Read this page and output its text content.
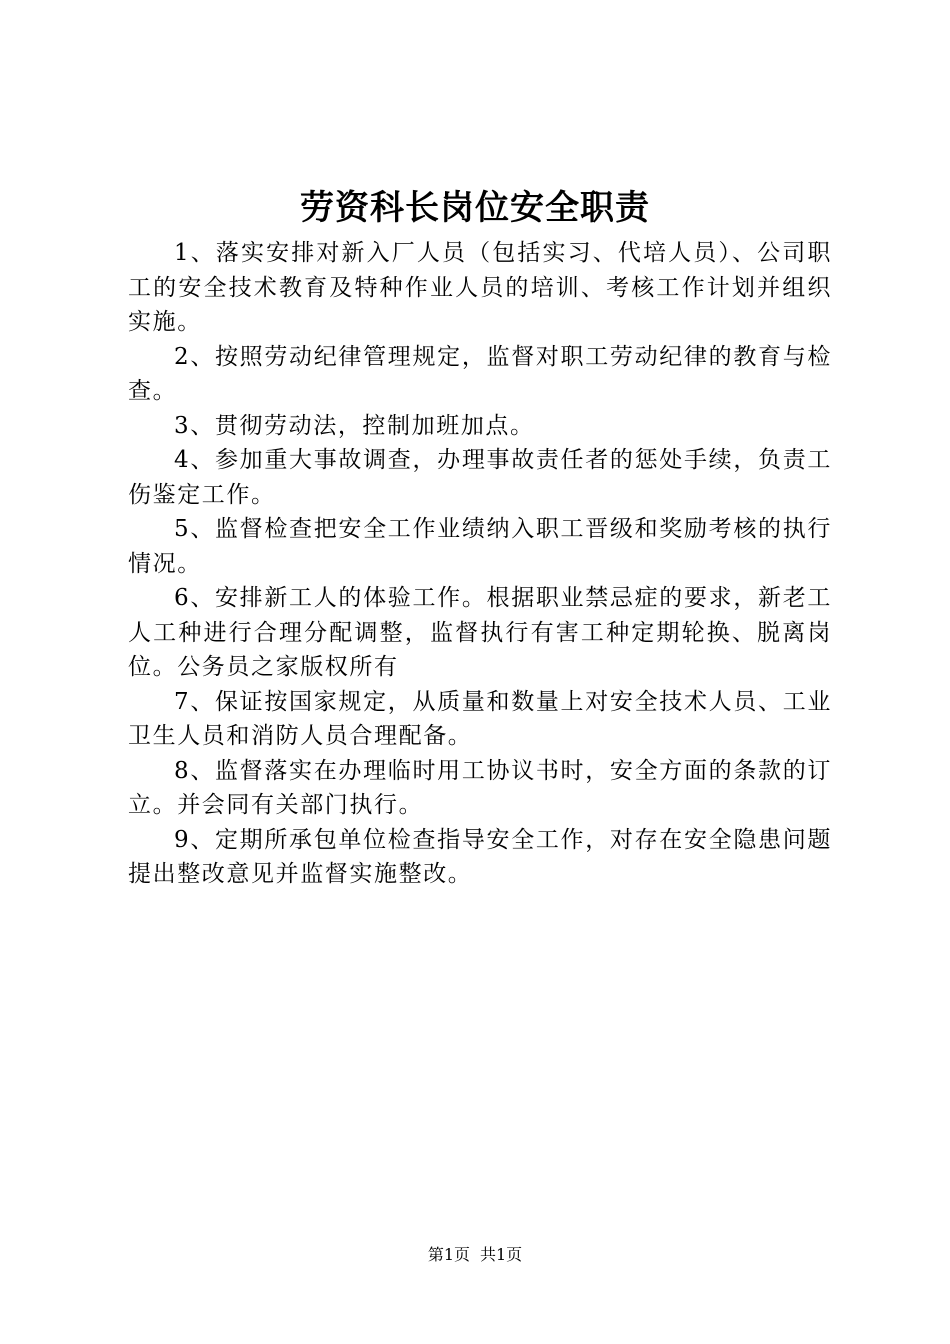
劳资科长岗位安全职责

1、落实安排对新入厂人员（包括实习、代培人员）、公司职工的安全技术教育及特种作业人员的培训、考核工作计划并组织实施。

2、按照劳动纪律管理规定，监督对职工劳动纪律的教育与检查。

3、贯彻劳动法，控制加班加点。

4、参加重大事故调查，办理事故责任者的惩处手续，负责工伤鉴定工作。

5、监督检查把安全工作业绩纳入职工晋级和奖励考核的执行情况。

6、安排新工人的体验工作。根据职业禁忌症的要求，新老工人工种进行合理分配调整，监督执行有害工种定期轮换、脱离岗位。公务员之家版权所有

7、保证按国家规定，从质量和数量上对安全技术人员、工业卫生人员和消防人员合理配备。

8、监督落实在办理临时用工协议书时，安全方面的条款的订立。并会同有关部门执行。

9、定期所承包单位检查指导安全工作，对存在安全隐患问题提出整改意见并监督实施整改。

第1页 共1页
